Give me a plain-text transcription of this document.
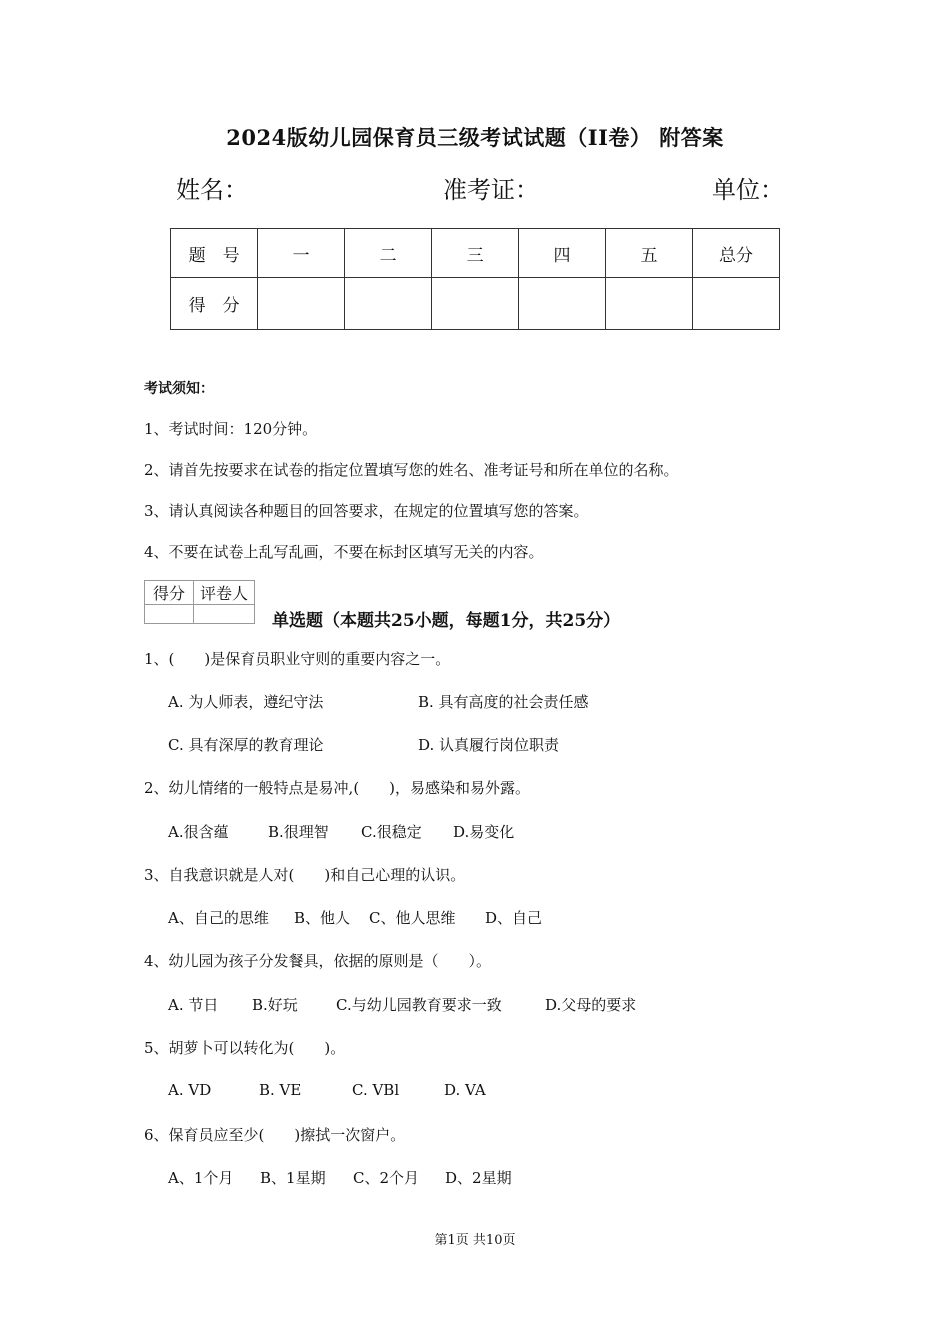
2024版幼儿园保育员三级考试试题（II卷） 附答案
姓名：	准考证：	单位：
题　号	一	二	三	四	五	总分
得　分						
考试须知：
1、考试时间：120分钟。
2、请首先按要求在试卷的指定位置填写您的姓名、准考证号和所在单位的名称。
3、请认真阅读各种题目的回答要求，在规定的位置填写您的答案。
4、不要在试卷上乱写乱画，不要在标封区填写无关的内容。
得分	评卷人

单选题（本题共25小题，每题1分，共25分）
1、(　　)是保育员职业守则的重要内容之一。
A. 为人师表，遵纪守法	B. 具有高度的社会责任感
C. 具有深厚的教育理论	D. 认真履行岗位职责
2、幼儿情绪的一般特点是易冲,(　　)，易感染和易外露。
A.很含蕴	B.很理智 C.很稳定 D.易变化
3、自我意识就是人对(　　)和自己心理的认识。
A、自己的思维 B、他人 C、他人思维 D、自己
4、幼儿园为孩子分发餐具，依据的原则是（　　）。
A. 节日 B.好玩	C.与幼儿园教育要求一致	D.父母的要求
5、胡萝卜可以转化为(　　)。
A. VD	B. VE	C. VBl	D. VA
6、保育员应至少(　　)擦拭一次窗户。
A、1个月 B、1星期 C、2个月 D、2星期
第1页 共10页
